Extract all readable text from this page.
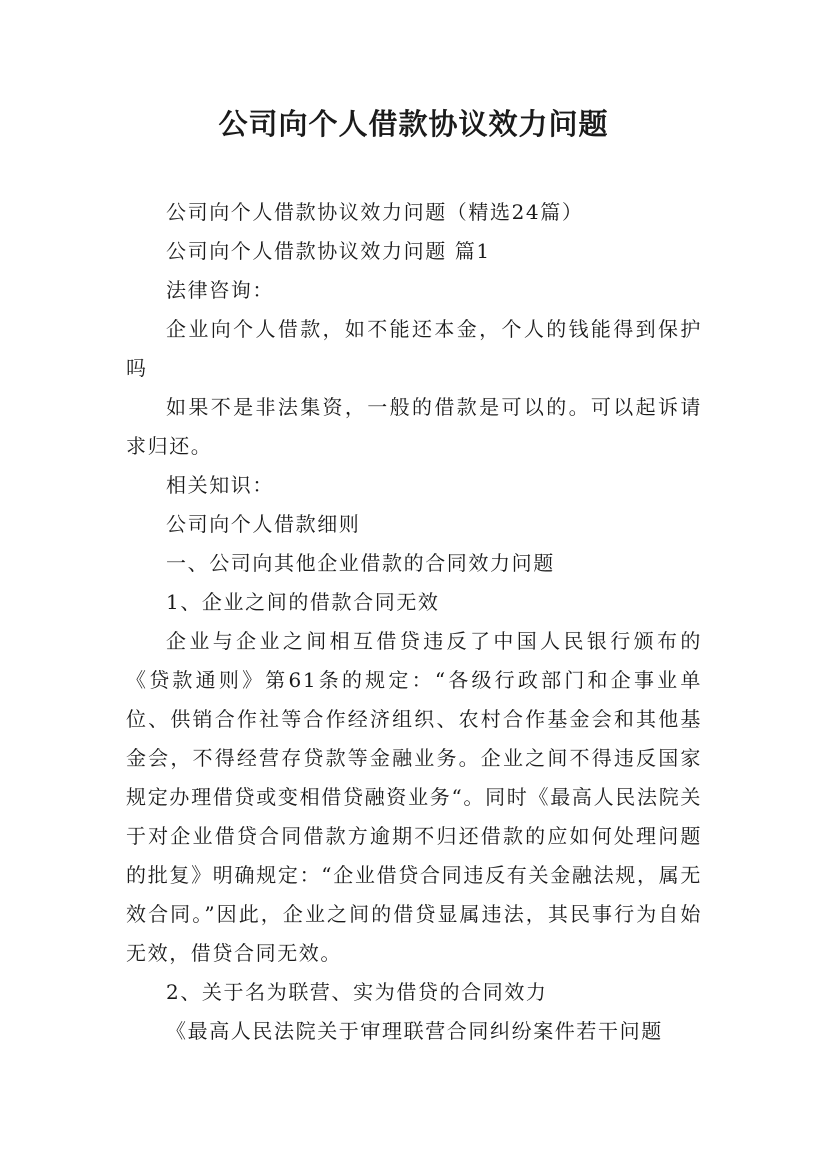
公司向个人借款协议效力问题

公司向个人借款协议效力问题（精选24篇）

公司向个人借款协议效力问题 篇1

法律咨询：

企业向个人借款，如不能还本金，个人的钱能得到保护吗

如果不是非法集资，一般的借款是可以的。可以起诉请求归还。

相关知识：

公司向个人借款细则

一、公司向其他企业借款的合同效力问题

1、企业之间的借款合同无效

企业与企业之间相互借贷违反了中国人民银行颁布的《贷款通则》第61条的规定：“各级行政部门和企事业单位、供销合作社等合作经济组织、农村合作基金会和其他基金会，不得经营存贷款等金融业务。企业之间不得违反国家规定办理借贷或变相借贷融资业务“。同时《最高人民法院关于对企业借贷合同借款方逾期不归还借款的应如何处理问题的批复》明确规定：“企业借贷合同违反有关金融法规，属无效合同。”因此，企业之间的借贷显属违法，其民事行为自始无效，借贷合同无效。

2、关于名为联营、实为借贷的合同效力

《最高人民法院关于审理联营合同纠纷案件若干问题
